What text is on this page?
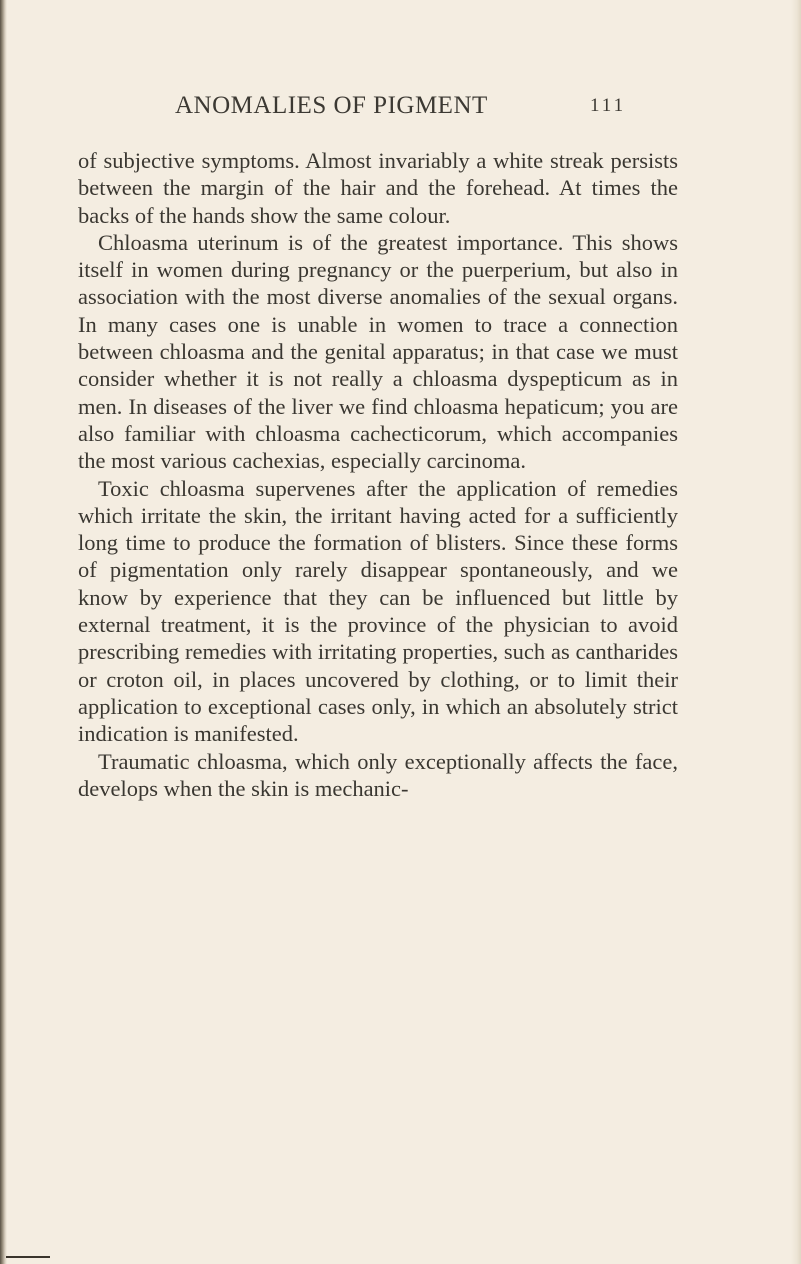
ANOMALIES OF PIGMENT	111

of subjective symptoms. Almost invariably a white streak persists between the margin of the hair and the forehead. At times the backs of the hands show the same colour.

Chloasma uterinum is of the greatest importance. This shows itself in women during pregnancy or the puerperium, but also in association with the most diverse anomalies of the sexual organs. In many cases one is unable in women to trace a connection between chloasma and the genital apparatus; in that case we must consider whether it is not really a chloasma dyspepticum as in men. In diseases of the liver we find chloasma hepaticum; you are also familiar with chloasma cachecticorum, which accompanies the most various cachexias, especially carcinoma.

Toxic chloasma supervenes after the application of remedies which irritate the skin, the irritant having acted for a sufficiently long time to produce the formation of blisters. Since these forms of pigmentation only rarely disappear spontaneously, and we know by experience that they can be influenced but little by external treatment, it is the province of the physician to avoid prescribing remedies with irritating properties, such as cantharides or croton oil, in places uncovered by clothing, or to limit their application to exceptional cases only, in which an absolutely strict indication is manifested.

Traumatic chloasma, which only exceptionally affects the face, develops when the skin is mechanic-
